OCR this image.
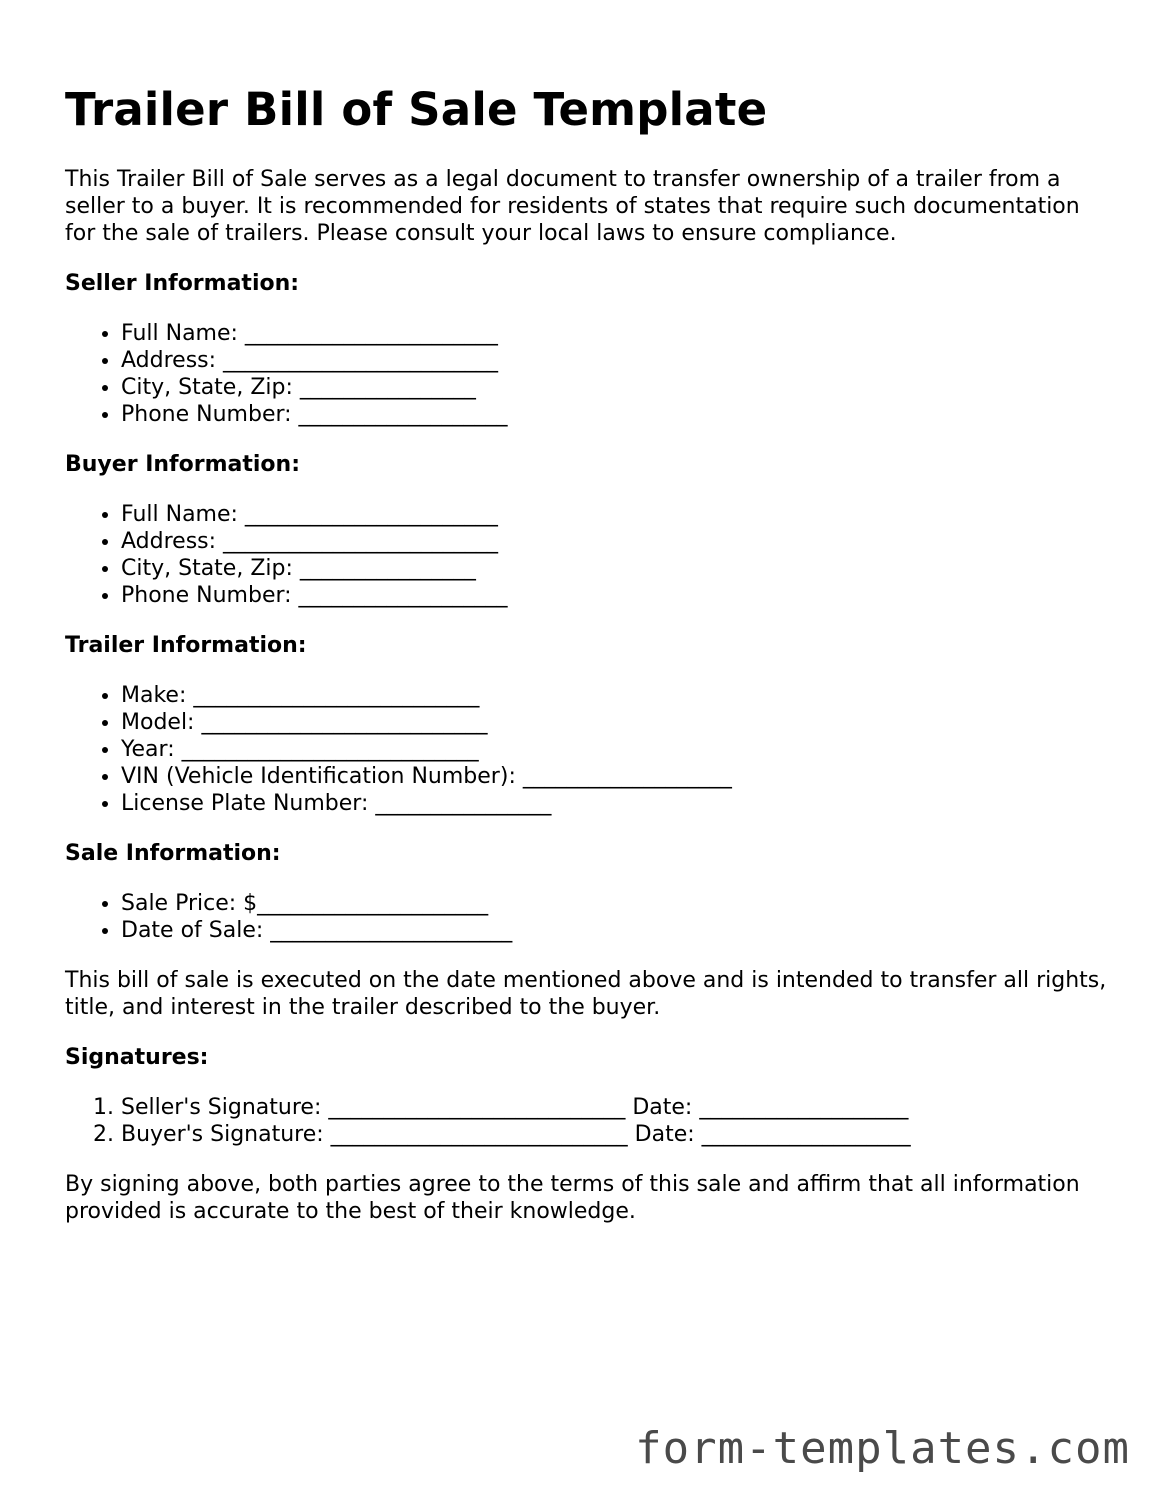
Trailer Bill of Sale Template

This Trailer Bill of Sale serves as a legal document to transfer ownership of a trailer from a seller to a buyer. It is recommended for residents of states that require such documentation for the sale of trailers. Please consult your local laws to ensure compliance.

Seller Information:
• Full Name: _______________________
• Address: _________________________
• City, State, Zip: ________________
• Phone Number: ___________________
Buyer Information:
• Full Name: _______________________
• Address: _________________________
• City, State, Zip: ________________
• Phone Number: ___________________
Trailer Information:
• Make: __________________________
• Model: __________________________
• Year: ___________________________
• VIN (Vehicle Identification Number): ___________________
• License Plate Number: ________________
Sale Information:
• Sale Price: $_____________________
• Date of Sale: ______________________

This bill of sale is executed on the date mentioned above and is intended to transfer all rights, title, and interest in the trailer described to the buyer.

Signatures:
1. Seller's Signature: ___________________________ Date: ___________________
2. Buyer's Signature: ___________________________ Date: ___________________

By signing above, both parties agree to the terms of this sale and affirm that all information provided is accurate to the best of their knowledge.

form-templates.com
